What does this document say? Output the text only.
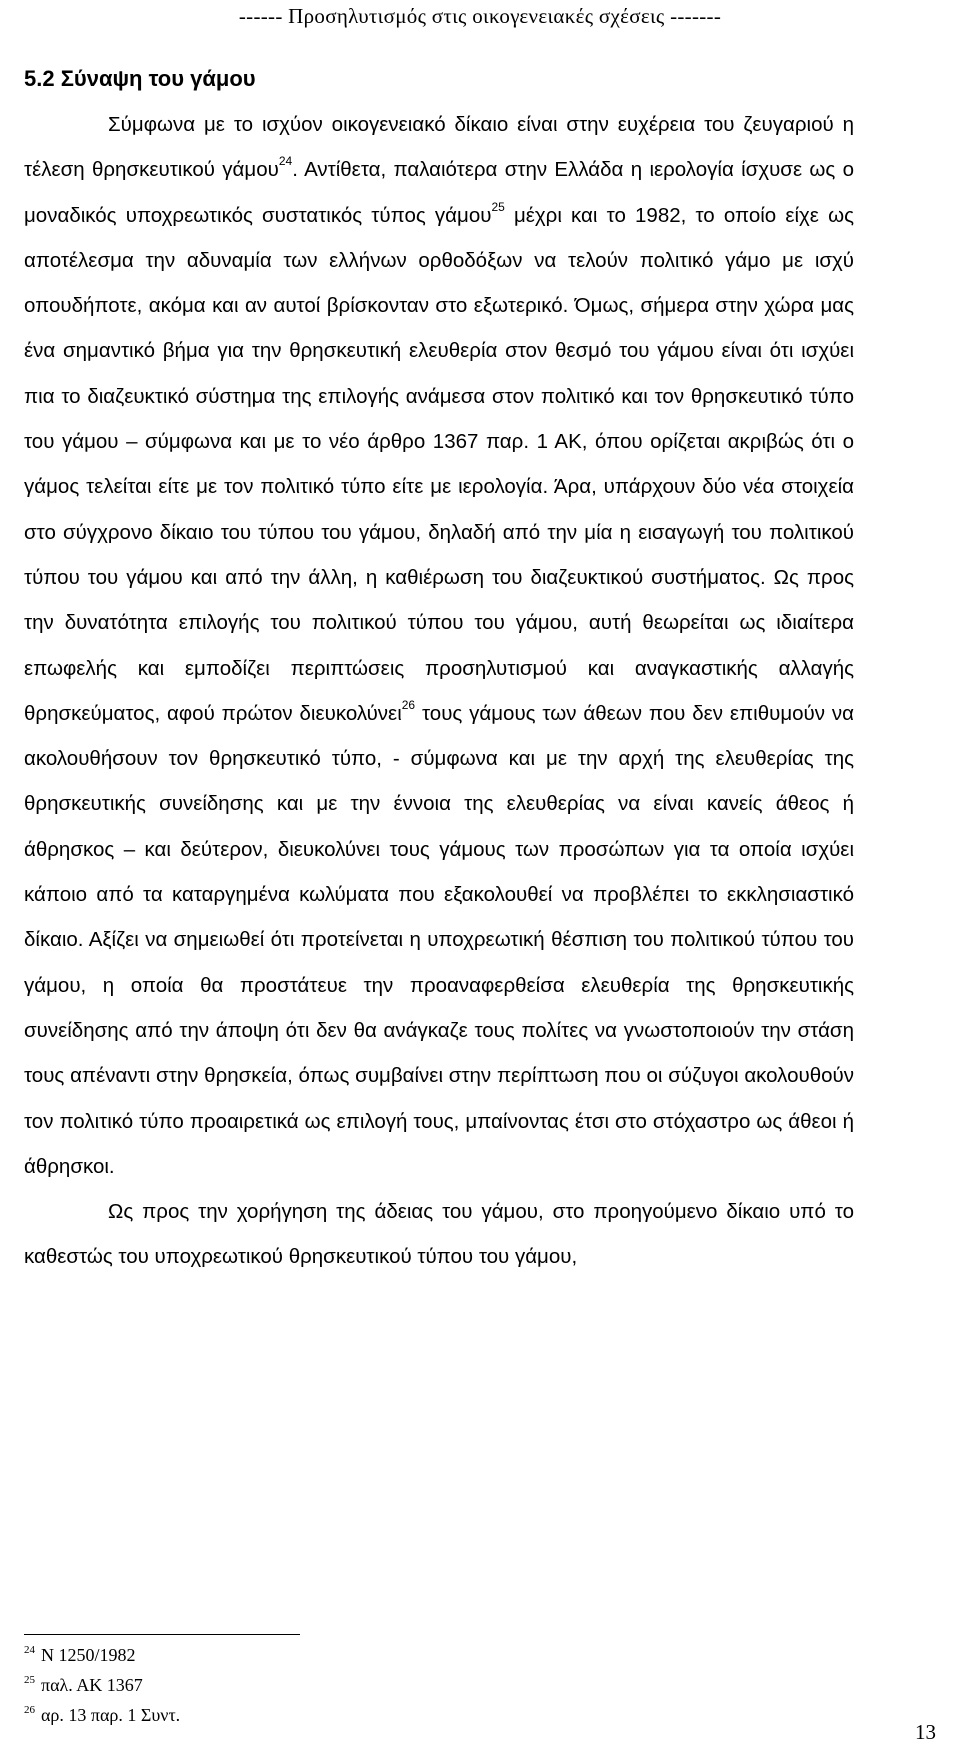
------ Προσηλυτισμός στις οικογενειακές σχέσεις -------
5.2 Σύναψη του γάμου

Σύμφωνα με το ισχύον οικογενειακό δίκαιο είναι στην ευχέρεια του ζευγαριού η τέλεση θρησκευτικού γάμου$^{24}$. Αντίθετα, παλαιότερα στην Ελλάδα η ιερολογία ίσχυσε ως ο μοναδικός υποχρεωτικός συστατικός τύπος γάμου$^{25}$ μέχρι και το 1982, το οποίο είχε ως αποτέλεσμα την αδυναμία των ελλήνων ορθοδόξων να τελούν πολιτικό γάμο με ισχύ οπουδήποτε, ακόμα και αν αυτοί βρίσκονταν στο εξωτερικό. Όμως, σήμερα στην χώρα μας ένα σημαντικό βήμα για την θρησκευτική ελευθερία στον θεσμό του γάμου είναι ότι ισχύει πια το διαζευκτικό σύστημα της επιλογής ανάμεσα στον πολιτικό και τον θρησκευτικό τύπο του γάμου – σύμφωνα και με το νέο άρθρο 1367 παρ. 1 ΑΚ, όπου ορίζεται ακριβώς ότι ο γάμος τελείται είτε με τον πολιτικό τύπο είτε με ιερολογία. Άρα, υπάρχουν δύο νέα στοιχεία στο σύγχρονο δίκαιο του τύπου του γάμου, δηλαδή από την μία η εισαγωγή του πολιτικού τύπου του γάμου και από την άλλη, η καθιέρωση του διαζευκτικού συστήματος. Ως προς την δυνατότητα επιλογής του πολιτικού τύπου του γάμου, αυτή θεωρείται ως ιδιαίτερα επωφελής και εμποδίζει περιπτώσεις προσηλυτισμού και αναγκαστικής αλλαγής θρησκεύματος, αφού πρώτον διευκολύνει$^{26}$ τους γάμους των άθεων που δεν επιθυμούν να ακολουθήσουν τον θρησκευτικό τύπο, - σύμφωνα και με την αρχή της ελευθερίας της θρησκευτικής συνείδησης και με την έννοια της ελευθερίας να είναι κανείς άθεος ή άθρησκος – και δεύτερον, διευκολύνει τους γάμους των προσώπων για τα οποία ισχύει κάποιο από τα καταργημένα κωλύματα που εξακολουθεί να προβλέπει το εκκλησιαστικό δίκαιο. Αξίζει να σημειωθεί ότι προτείνεται η υποχρεωτική θέσπιση του πολιτικού τύπου του γάμου, η οποία θα προστάτευε την προαναφερθείσα ελευθερία της θρησκευτικής συνείδησης από την άποψη ότι δεν θα ανάγκαζε τους πολίτες να γνωστοποιούν την στάση τους απέναντι στην θρησκεία, όπως συμβαίνει στην περίπτωση που οι σύζυγοι ακολουθούν τον πολιτικό τύπο προαιρετικά ως επιλογή τους, μπαίνοντας έτσι στο στόχαστρο ως άθεοι ή άθρησκοι.

Ως προς την χορήγηση της άδειας του γάμου, στο προηγούμενο δίκαιο υπό το καθεστώς του υποχρεωτικού θρησκευτικού τύπου του γάμου,

$^{24}$ Ν 1250/1982
$^{25}$ παλ. ΑΚ 1367
$^{26}$ αρ. 13 παρ. 1 Συντ.
13
